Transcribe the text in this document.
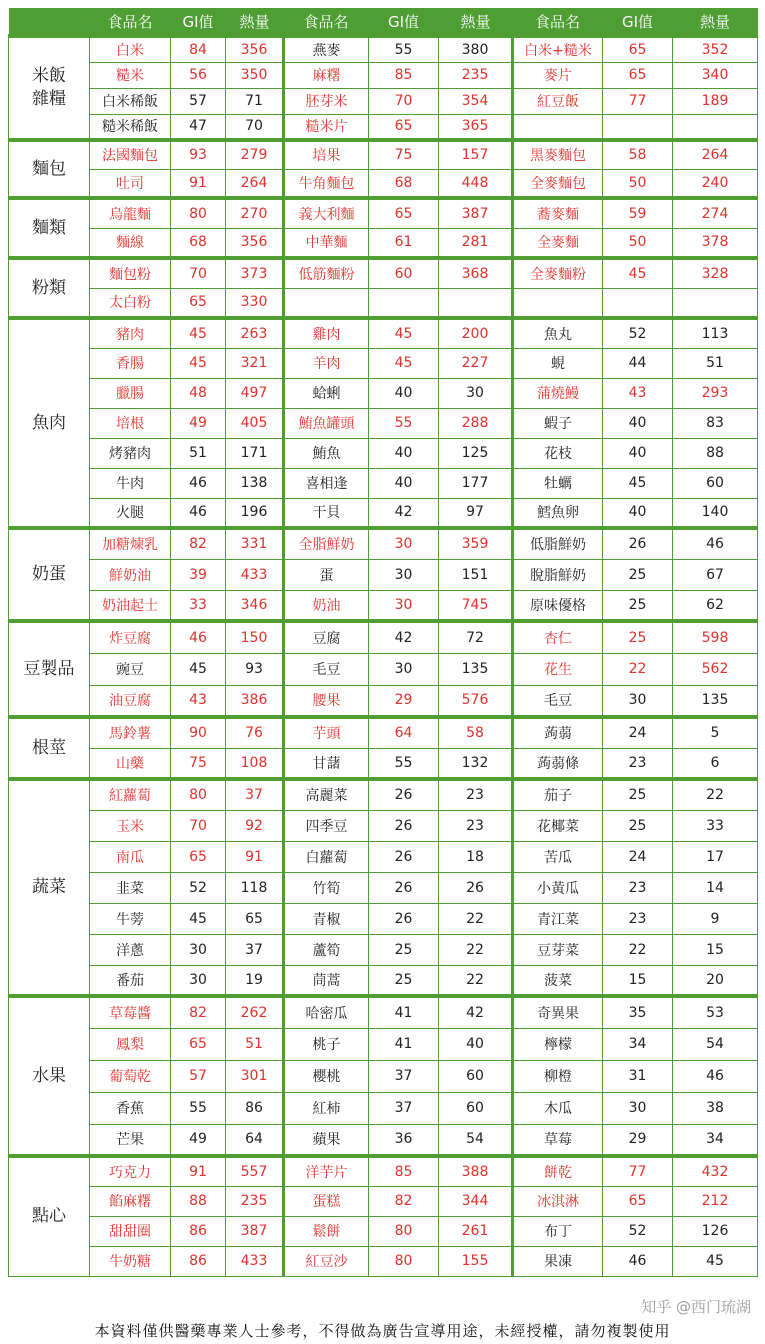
	食品名	GI值	熱量	食品名	GI值	熱量	食品名	GI值	熱量
米飯雜糧	白米	84	356	燕麥	55	380	白米+糙米	65	352
	糙米	56	350	麻糬	85	235	麥片	65	340
	白米稀飯	57	71	胚芽米	70	354	紅豆飯	77	189
	糙米稀飯	47	70	糙米片	65	365			
麵包	法國麵包	93	279	培果	75	157	黑麥麵包	58	264
	吐司	91	264	牛角麵包	68	448	全麥麵包	50	240
麵類	烏龍麵	80	270	義大利麵	65	387	蕎麥麵	59	274
	麵線	68	356	中華麵	61	281	全麥麵	50	378
粉類	麵包粉	70	373	低筋麵粉	60	368	全麥麵粉	45	328
	太白粉	65	330						
魚肉	豬肉	45	263	雞肉	45	200	魚丸	52	113
	香腸	45	321	羊肉	45	227	蜆	44	51
	臘腸	48	497	蛤蜊	40	30	蒲燒鰻	43	293
	培根	49	405	鮪魚罐頭	55	288	蝦子	40	83
	烤豬肉	51	171	鮪魚	40	125	花枝	40	88
	牛肉	46	138	喜相逢	40	177	牡蠣	45	60
	火腿	46	196	干貝	42	97	鱈魚卵	40	140
奶蛋	加糖煉乳	82	331	全脂鮮奶	30	359	低脂鮮奶	26	46
	鮮奶油	39	433	蛋	30	151	脫脂鮮奶	25	67
	奶油起士	33	346	奶油	30	745	原味優格	25	62
豆製品	炸豆腐	46	150	豆腐	42	72	杏仁	25	598
	豌豆	45	93	毛豆	30	135	花生	22	562
	油豆腐	43	386	腰果	29	576	毛豆	30	135
根莖	馬鈴薯	90	76	芋頭	64	58	蒟蒻	24	5
	山藥	75	108	甘藷	55	132	蒟蒻條	23	6
蔬菜	紅蘿蔔	80	37	高麗菜	26	23	茄子	25	22
	玉米	70	92	四季豆	26	23	花椰菜	25	33
	南瓜	65	91	白蘿蔔	26	18	苦瓜	24	17
	韭菜	52	118	竹筍	26	26	小黃瓜	23	14
	牛蒡	45	65	青椒	26	22	青江菜	23	9
	洋蔥	30	37	蘆筍	25	22	豆芽菜	22	15
	番茄	30	19	茼蒿	25	22	菠菜	15	20
水果	草莓醬	82	262	哈密瓜	41	42	奇異果	35	53
	鳳梨	65	51	桃子	41	40	檸檬	34	54
	葡萄乾	57	301	櫻桃	37	60	柳橙	31	46
	香蕉	55	86	紅柿	37	60	木瓜	30	38
	芒果	49	64	蘋果	36	54	草莓	29	34
點心	巧克力	91	557	洋芋片	85	388	餅乾	77	432
	餡麻糬	88	235	蛋糕	82	344	冰淇淋	65	212
	甜甜圈	86	387	鬆餅	80	261	布丁	52	126
	牛奶糖	86	433	紅豆沙	80	155	果凍	46	45
知乎 @西门琉湖
本資料僅供醫藥專業人士參考，不得做為廣告宣導用途，未經授權，請勿複製使用
